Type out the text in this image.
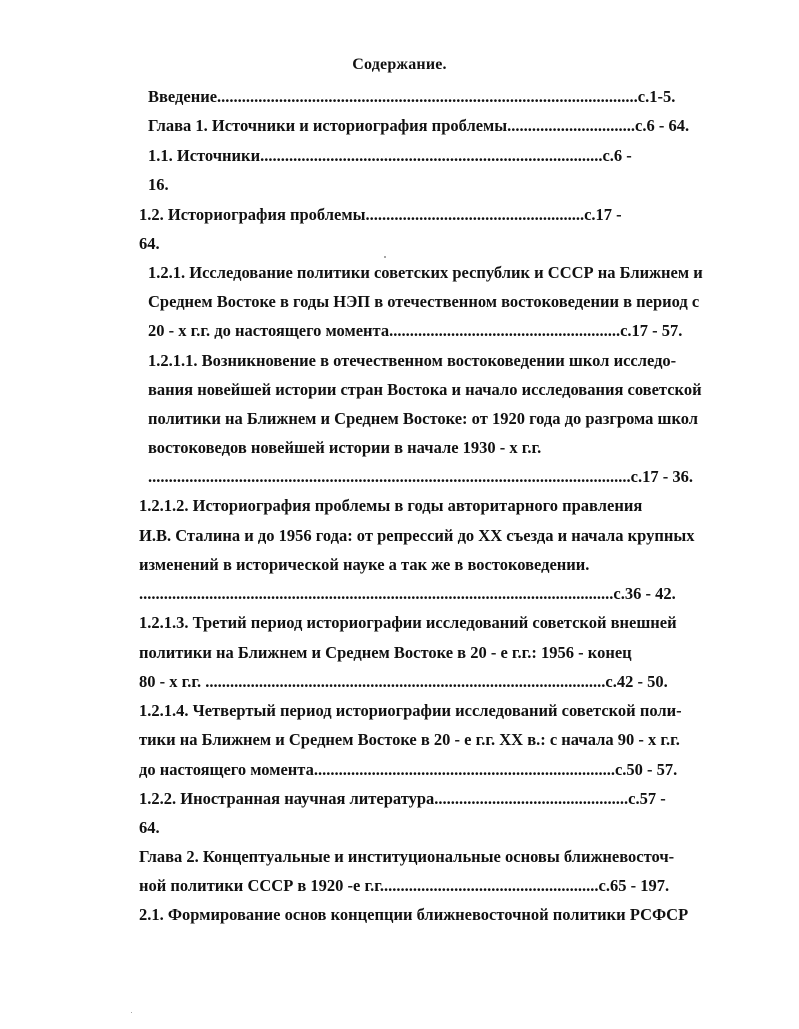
Содержание.
Введение......................................................................................................с.1-5.
Глава 1. Источники и историография проблемы...............................с.6 - 64.
1.1. Источники...................................................................................с.6 -
16.
1.2. Историография проблемы.....................................................с.17 -
64.
1.2.1. Исследование политики советских республик и СССР на Ближнем и
Среднем Востоке в годы НЭП в отечественном востоковедении в период с
20 - х г.г. до настоящего момента........................................................с.17 - 57.
1.2.1.1. Возникновение в отечественном востоковедении школ исследо-
вания новейшей истории стран Востока и начало исследования советской
политики на Ближнем и Среднем Востоке: от 1920 года до разгрома школ
востоковедов новейшей истории в начале 1930 - х г.г.
.....................................................................................................................с.17 - 36.
1.2.1.2. Историография проблемы в годы авторитарного правления
И.В. Сталина и до 1956 года: от репрессий до XX съезда и начала крупных
изменений в исторической науке а так же в востоковедении.
...................................................................................................................с.36 - 42.
1.2.1.3. Третий период историографии исследований советской внешней
политики на Ближнем и Среднем Востоке в 20 - е г.г.: 1956 - конец
80 - х г.г. .................................................................................................с.42 - 50.
1.2.1.4. Четвертый период историографии исследований советской поли-
тики на Ближнем и Среднем Востоке в 20 - е г.г. XX в.: с начала 90 - х г.г.
до настоящего момента.........................................................................с.50 - 57.
1.2.2. Иностранная научная литература...............................................с.57 -
64.
Глава 2. Концептуальные и институциональные основы ближневосточ-
ной политики СССР в 1920 -е г.г.....................................................с.65 - 197.
2.1. Формирование основ концепции ближневосточной политики РСФСР
